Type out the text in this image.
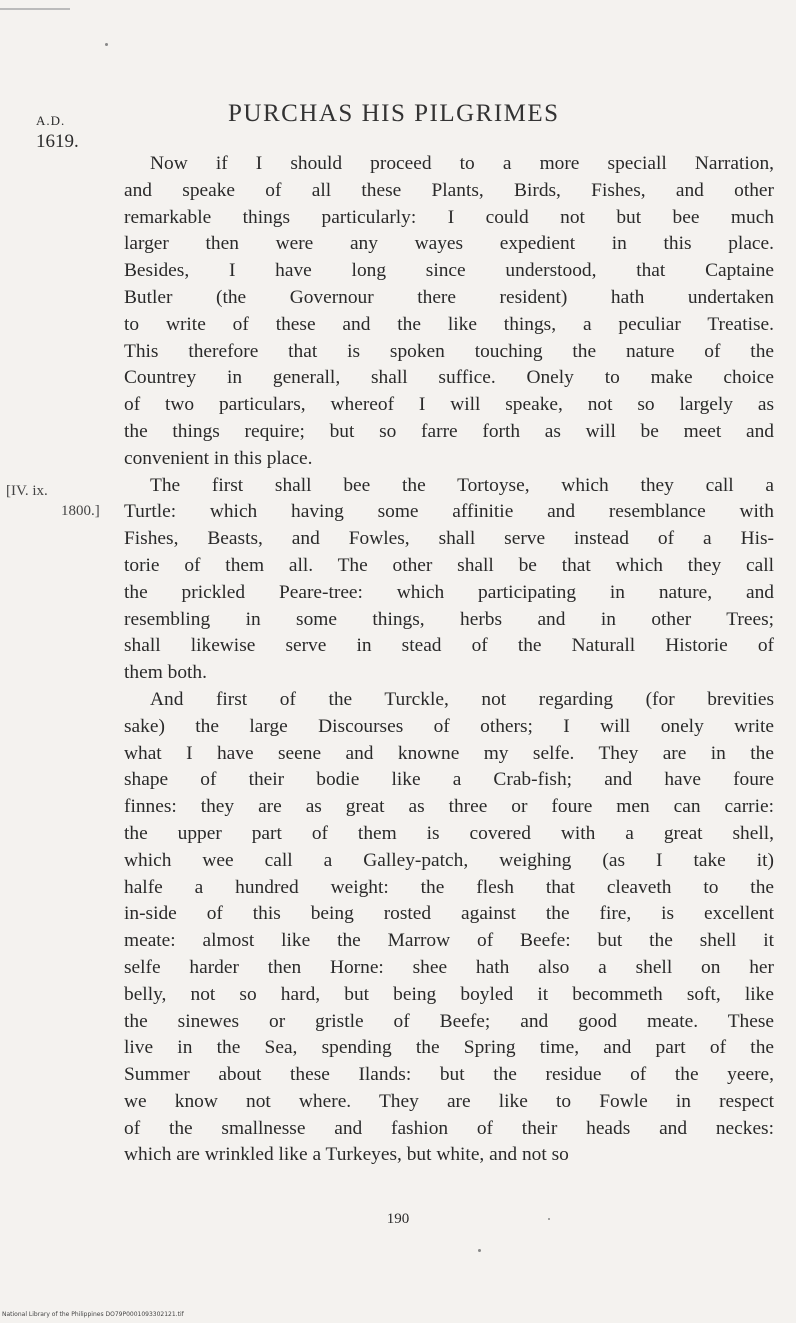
A.D.
1619.
PURCHAS HIS PILGRIMES
[IV. ix.
1800.]
Now if I should proceed to a more speciall Narration,
and speake of all these Plants, Birds, Fishes, and other
remarkable things particularly: I could not but bee much
larger then were any wayes expedient in this place.
Besides, I have long since understood, that Captaine
Butler (the Governour there resident) hath undertaken
to write of these and the like things, a peculiar Treatise.
This therefore that is spoken touching the nature of the
Countrey in generall, shall suffice. Onely to make choice
of two particulars, whereof I will speake, not so largely as
the things require; but so farre forth as will be meet and
convenient in this place.
The first shall bee the Tortoyse, which they call a
Turtle: which having some affinitie and resemblance with
Fishes, Beasts, and Fowles, shall serve instead of a His-
torie of them all. The other shall be that which they call
the prickled Peare-tree: which participating in nature, and
resembling in some things, herbs and in other Trees;
shall likewise serve in stead of the Naturall Historie of
them both.
And first of the Turckle, not regarding (for brevities
sake) the large Discourses of others; I will onely write
what I have seene and knowne my selfe. They are in the
shape of their bodie like a Crab-fish; and have foure
finnes: they are as great as three or foure men can carrie:
the upper part of them is covered with a great shell,
which wee call a Galley-patch, weighing (as I take it)
halfe a hundred weight: the flesh that cleaveth to the
in-side of this being rosted against the fire, is excellent
meate: almost like the Marrow of Beefe: but the shell it
selfe harder then Horne: shee hath also a shell on her
belly, not so hard, but being boyled it becommeth soft, like
the sinewes or gristle of Beefe; and good meate. These
live in the Sea, spending the Spring time, and part of the
Summer about these Ilands: but the residue of the yeere,
we know not where. They are like to Fowle in respect
of the smallnesse and fashion of their heads and neckes:
which are wrinkled like a Turkeyes, but white, and not so
190
National Library of the Philippines DO79P0001093302121.tif
